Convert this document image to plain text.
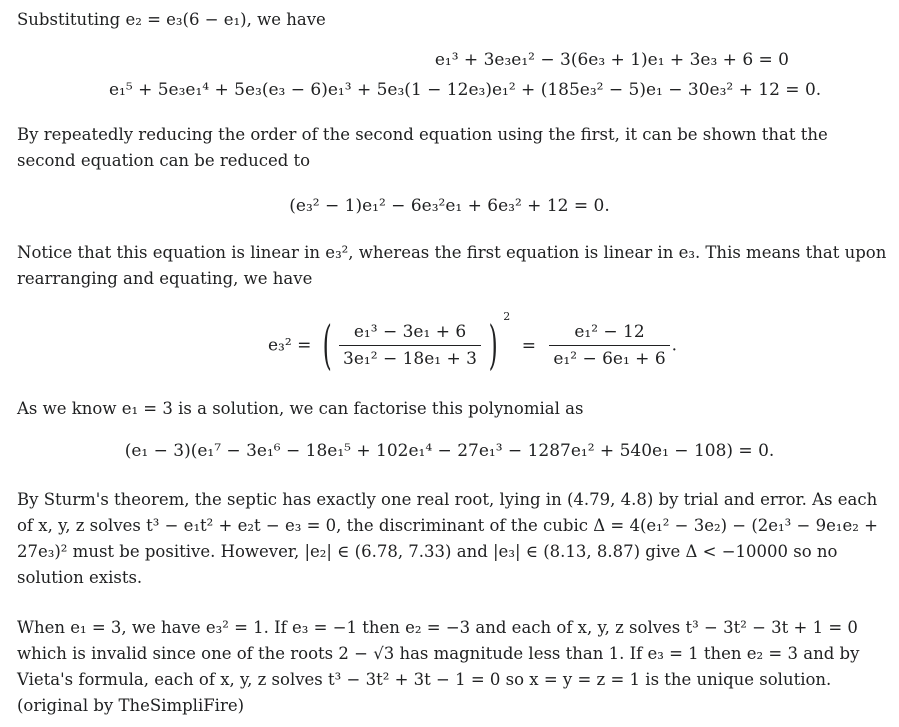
Substituting e₂ = e₃(6 − e₁), we have

e₁³ + 3e₃e₁² − 3(6e₃ + 1)e₁ + 3e₃ + 6 = 0
e₁⁵ + 5e₃e₁⁴ + 5e₃(e₃ − 6)e₁³ + 5e₃(1 − 12e₃)e₁² + (185e₃² − 5)e₁ − 30e₃² + 12 = 0.

By repeatedly reducing the order of the second equation using the first, it can be shown that the second equation can be reduced to

(e₃² − 1)e₁² − 6e₃²e₁ + 6e₃² + 12 = 0.

Notice that this equation is linear in e₃², whereas the first equation is linear in e₃. This means that upon rearranging and equating, we have

e₃² = ( $\frac{\text{e₁³ − 3e₁ + 6}}{\text{3e₁² − 18e₁ + 3}}$ ) $^2 = \frac{\text{e₁² − 12}}{\text{e₁² − 6e₁ + 6}}$ .

As we know e₁ = 3 is a solution, we can factorise this polynomial as

(e₁ − 3)(e₁⁷ − 3e₁⁶ − 18e₁⁵ + 102e₁⁴ − 27e₁³ − 1287e₁² + 540e₁ − 108) = 0.

By Sturm's theorem, the septic has exactly one real root, lying in (4.79, 4.8) by trial and error. As each of x, y, z solves t³ − e₁t² + e₂t − e₃ = 0, the discriminant of the cubic Δ = 4(e₁² − 3e₂) − (2e₁³ − 9e₁e₂ + 27e₃)² must be positive. However, |e₂| ∈ (6.78, 7.33) and |e₃| ∈ (8.13, 8.87) give Δ < −10000 so no solution exists.

When e₁ = 3, we have e₃² = 1. If e₃ = −1 then e₂ = −3 and each of x, y, z solves t³ − 3t² − 3t + 1 = 0 which is invalid since one of the roots 2 − √3 has magnitude less than 1. If e₃ = 1 then e₂ = 3 and by Vieta's formula, each of x, y, z solves t³ − 3t² + 3t − 1 = 0 so x = y = z = 1 is the unique solution. (original by TheSimpliFire)
